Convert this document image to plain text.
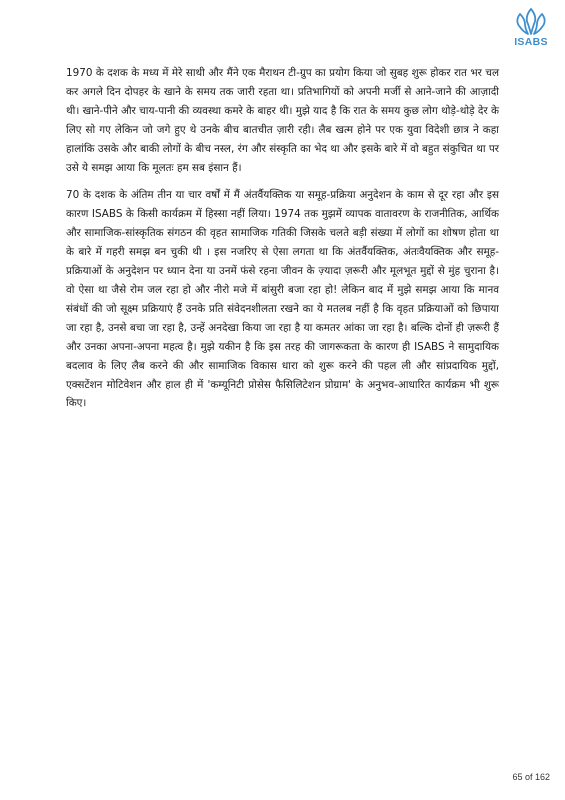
ISABS

1970 के दशक के मध्य में मेरे साथी और मैंने एक मैराथन टी-ग्रुप का प्रयोग किया जो सुबह शुरू होकर रात भर चल कर अगले दिन दोपहर के खाने के समय तक जारी रहता था। प्रतिभागियों को अपनी मर्जी से आने-जाने की आज़ादी थी। खाने-पीने और चाय-पानी की व्यवस्था कमरे के बाहर थी। मुझे याद है कि रात के समय कुछ लोग थोड़े-थोड़े देर के लिए सो गए लेकिन जो जगे हुए थे उनके बीच बातचीत ज़ारी रही। लैब खत्म होने पर एक युवा विदेशी छात्र ने कहा हालांकि उसके और बाकी लोगों के बीच नस्ल, रंग और संस्कृति का भेद था और इसके बारे में वो बहुत संकुचित था पर उसे ये समझ आया कि मूलतः हम सब इंसान हैं।

70 के दशक के अंतिम तीन या चार वर्षों में मैं अंतर्वैयक्तिक या समूह-प्रक्रिया अनुदेशन के काम से दूर रहा और इस कारण ISABS के किसी कार्यक्रम में हिस्सा नहीं लिया। 1974 तक मुझमें व्यापक वातावरण के राजनीतिक, आर्थिक और सामाजिक-सांस्कृतिक संगठन की वृहत सामाजिक गतिकी जिसके चलते बड़ी संख्या में लोगों का शोषण होता था के बारे में गहरी समझ बन चुकी थी । इस नजरिए से ऐसा लगता था कि अंतर्वैयक्तिक, अंतःवैयक्तिक और समूह-प्रक्रियाओं के अनुदेशन पर ध्यान देना या उनमें फंसे रहना जीवन के ज़्यादा ज़रूरी और मूलभूत मुद्दों से मुंह चुराना है। वो ऐसा था जैसे रोम जल रहा हो और नीरो मजे में बांसुरी बजा रहा हो! लेकिन बाद में मुझे समझ आया कि मानव संबंधों की जो सूक्ष्म प्रक्रियाएं हैं उनके प्रति संवेदनशीलता रखने का ये मतलब नहीं है कि वृहत प्रक्रियाओं को छिपाया जा रहा है, उनसे बचा जा रहा है, उन्हें अनदेखा किया जा रहा है या कमतर आंका जा रहा है। बल्कि दोनों ही ज़रूरी हैं और उनका अपना-अपना महत्व है। मुझे यकीन है कि इस तरह की जागरूकता के कारण ही ISABS ने सामुदायिक बदलाव के लिए लैब करने की और सामाजिक विकास धारा को शुरू करने की पहल ली और सांप्रदायिक मुद्दों, एक्सटेंशन मोटिवेशन और हाल ही में 'कम्यूनिटी प्रोसेस फैसिलिटेशन प्रोग्राम' के अनुभव-आधारित कार्यक्रम भी शुरू किए।

65 of 162
